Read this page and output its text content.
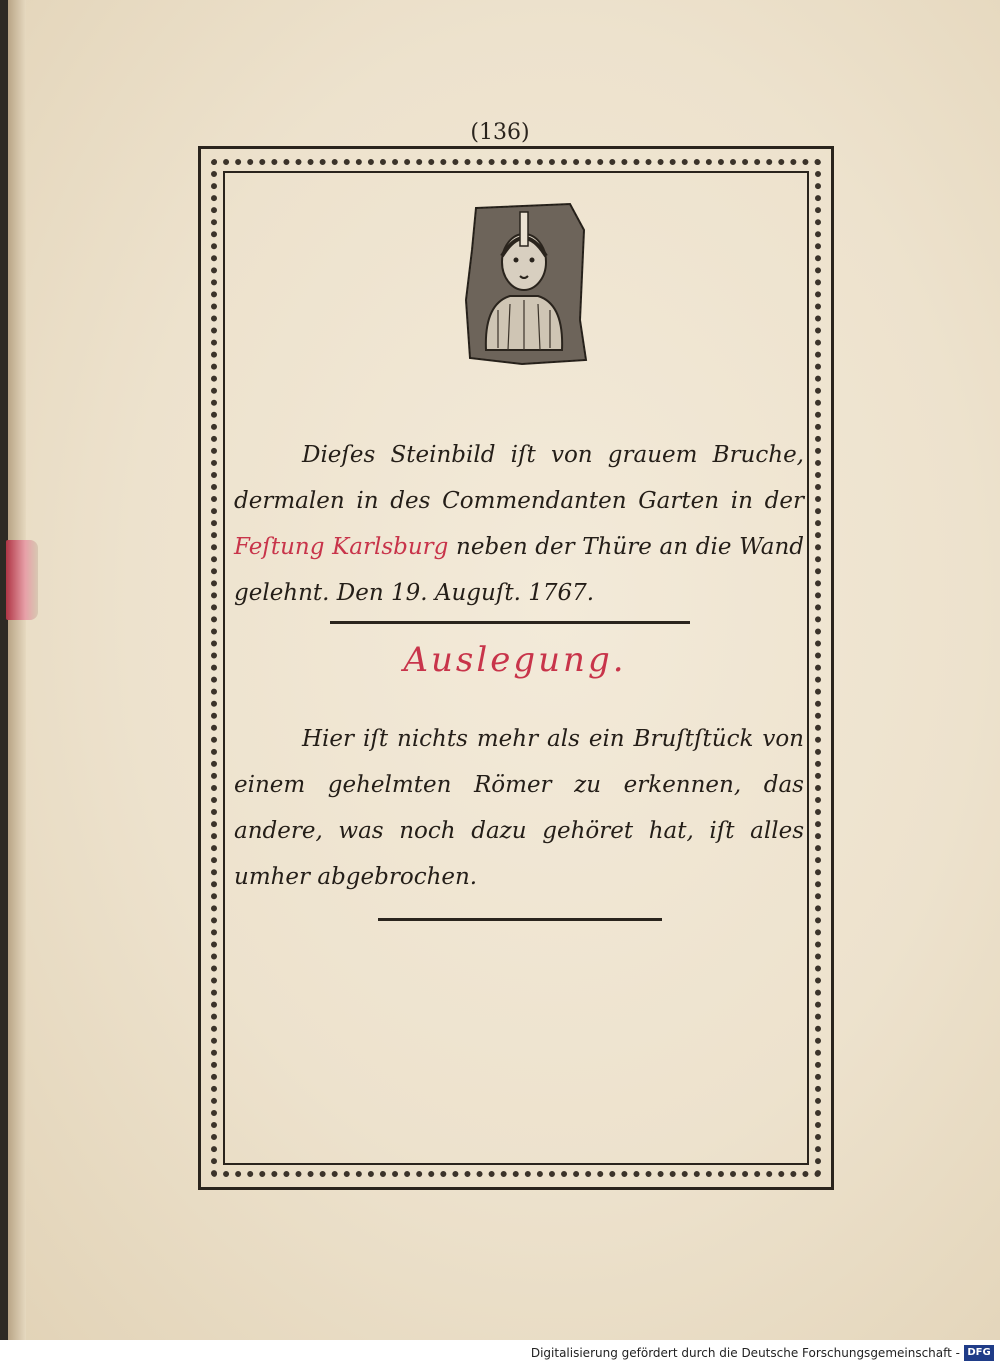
(136)
Dieſes Steinbild iſt von grauem Bruche, dermalen in des Commendanten Garten in der Feſtung Karlsburg neben der Thüre an die Wand gelehnt. Den 19. Auguſt. 1767.
Auslegung.
Hier iſt nichts mehr als ein Bruſtſtück von einem gehelmten Römer zu erkennen, das andere, was noch dazu gehöret hat, iſt alles umher abgebrochen.
Digitalisierung gefördert durch die Deutsche Forschungsgemeinschaft - DFG
